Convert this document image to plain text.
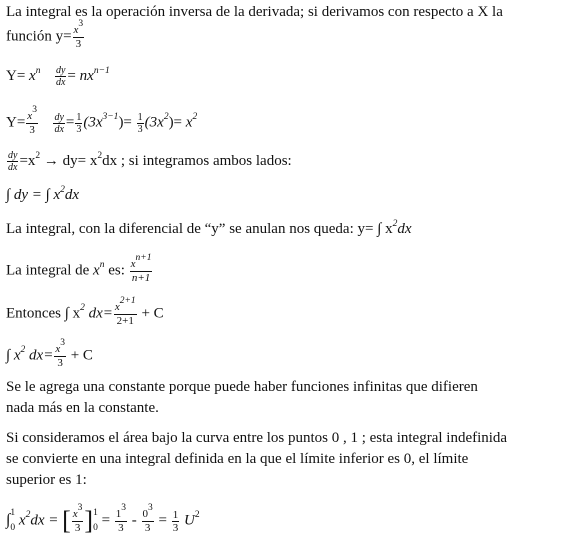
La integral es la operación inversa de la derivada; si derivamos con respecto a X la
función $y= \frac{x^3}{3}$
$Y= x^n \frac{dy}{dx} = nx^{n-1}$
$Y= \frac{x^3}{3}$
$\frac{dy}{dx} = \frac{1}{3} (3x^{3-1})= \frac{1}{3} (3x^2)= x^2$
$\frac{dy}{dx} =x^2 \to dy= x^2dx$ ; si integramos ambos lados:
∫ dy = ∫ $x^2dx$
La integral, con la diferencial de “y” se anulan nos queda: y= ∫ $x^2dx$
La integral de $x^n$ es: $\frac{x^{n+1}}{n+1}$
Entonces ∫ $x^2$ $dx= \frac{x^{2+1}}{2+1} + C$
∫ $x^2$ $dx= \frac{x^3}{3} + C$
Se le agrega una constante porque puede haber funciones infinitas que difieren
nada más en la constante.
Si consideramos el área bajo la curva entre los puntos 0 , 1 ; esta integral indefinida
se convierte en una integral definida en la que el límite inferior es 0, el límite
superior es 1:
∫ 1
0 $x^2dx$ = [ $\frac{x^3}{3}$ ] 1
$0 = \frac{1^3}{3} - \frac{0^3}{3} = \frac{1}{3} U^2$
